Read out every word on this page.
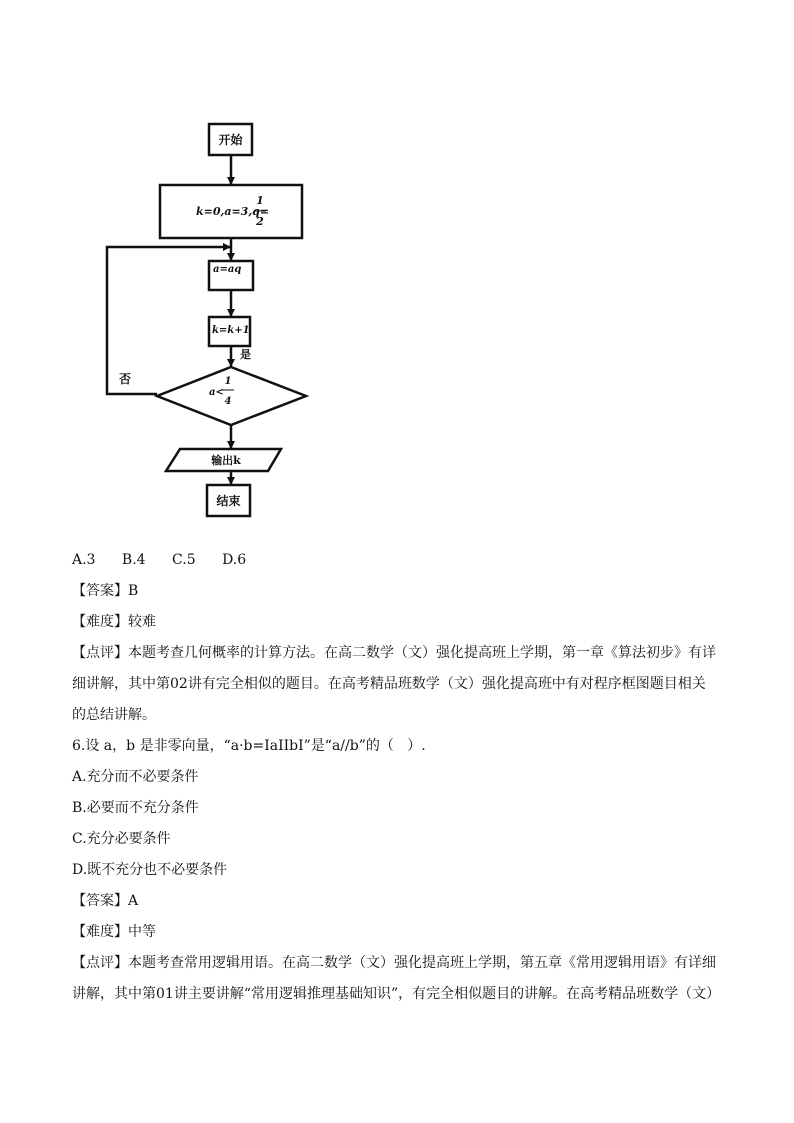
开始
k=0,a=3,q=
1
2
a=aq
k=k+1
是
a<
1
4
否
输出k
结束
A.3 B.4 C.5 D.6
【答案】B
【难度】较难
【点评】本题考查几何概率的计算方法。在高二数学（文）强化提高班上学期，第一章《算法初步》有详
细讲解，其中第02讲有完全相似的题目。在高考精品班数学（文）强化提高班中有对程序框图题目相关
的总结讲解。
6.设 a，b 是非零向量，“a·b=IaIIbI”是“a//b”的（   ）.
A.充分而不必要条件
B.必要而不充分条件
C.充分必要条件
D.既不充分也不必要条件
【答案】A
【难度】中等
【点评】本题考查常用逻辑用语。在高二数学（文）强化提高班上学期，第五章《常用逻辑用语》有详细
讲解，其中第01讲主要讲解“常用逻辑推理基础知识”，有完全相似题目的讲解。在高考精品班数学（文）
